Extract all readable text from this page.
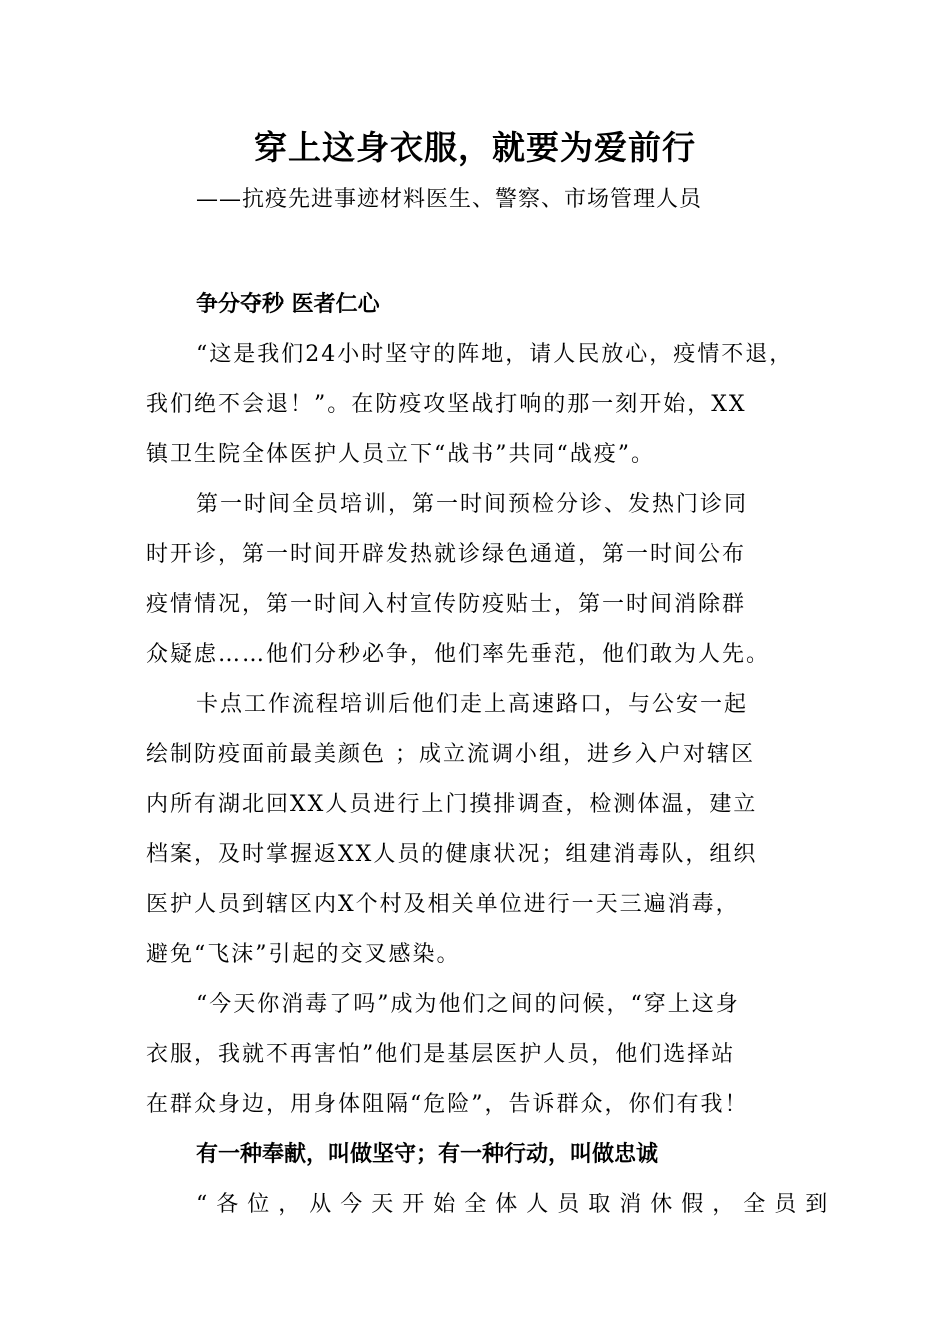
穿上这身衣服，就要为爱前行

——抗疫先进事迹材料医生、警察、市场管理人员

争分夺秒 医者仁心

“这是我们24小时坚守的阵地，请人民放心，疫情不退，
我们绝不会退！”。在防疫攻坚战打响的那一刻开始，XX
镇卫生院全体医护人员立下“战书”共同“战疫”。
第一时间全员培训，第一时间预检分诊、发热门诊同
时开诊，第一时间开辟发热就诊绿色通道，第一时间公布
疫情情况，第一时间入村宣传防疫贴士，第一时间消除群
众疑虑……他们分秒必争，他们率先垂范，他们敢为人先。
卡点工作流程培训后他们走上高速路口，与公安一起
绘制防疫面前最美颜色 ；成立流调小组，进乡入户对辖区
内所有湖北回XX人员进行上门摸排调查，检测体温，建立
档案，及时掌握返XX人员的健康状况；组建消毒队，组织
医护人员到辖区内X个村及相关单位进行一天三遍消毒，
避免“飞沫”引起的交叉感染。
“今天你消毒了吗”成为他们之间的问候，“穿上这身
衣服，我就不再害怕”他们是基层医护人员，他们选择站
在群众身边，用身体阻隔“危险”，告诉群众，你们有我！

有一种奉献，叫做坚守；有一种行动，叫做忠诚

“各位，从今天开始全体人员取消休假，全员到
